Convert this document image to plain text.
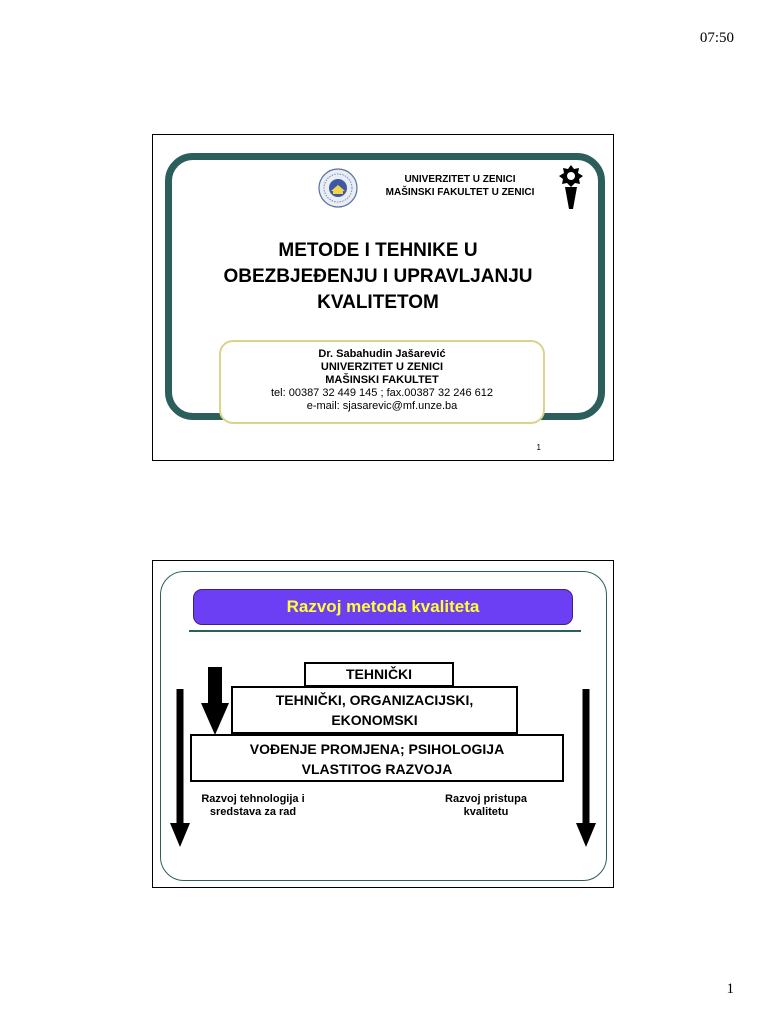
07:50
UNIVERZITET U ZENICI
MAŠINSKI FAKULTET U ZENICI
METODE I TEHNIKE U
OBEZBJEĐENJU I UPRAVLJANJU
KVALITETOM
Dr. Sabahudin Jašarević
UNIVERZITET U ZENICI
MAŠINSKI FAKULTET
tel: 00387 32 449 145 ; fax.00387 32 246 612
e-mail: sjasarevic@mf.unze.ba
1
Razvoj metoda kvaliteta
TEHNIČKI
TEHNIČKI, ORGANIZACIJSKI,
EKONOMSKI
VOĐENJE PROMJENA; PSIHOLOGIJA
VLASTITOG RAZVOJA
Razvoj tehnologija i
sredstava za rad
Razvoj pristupa
kvalitetu
1
